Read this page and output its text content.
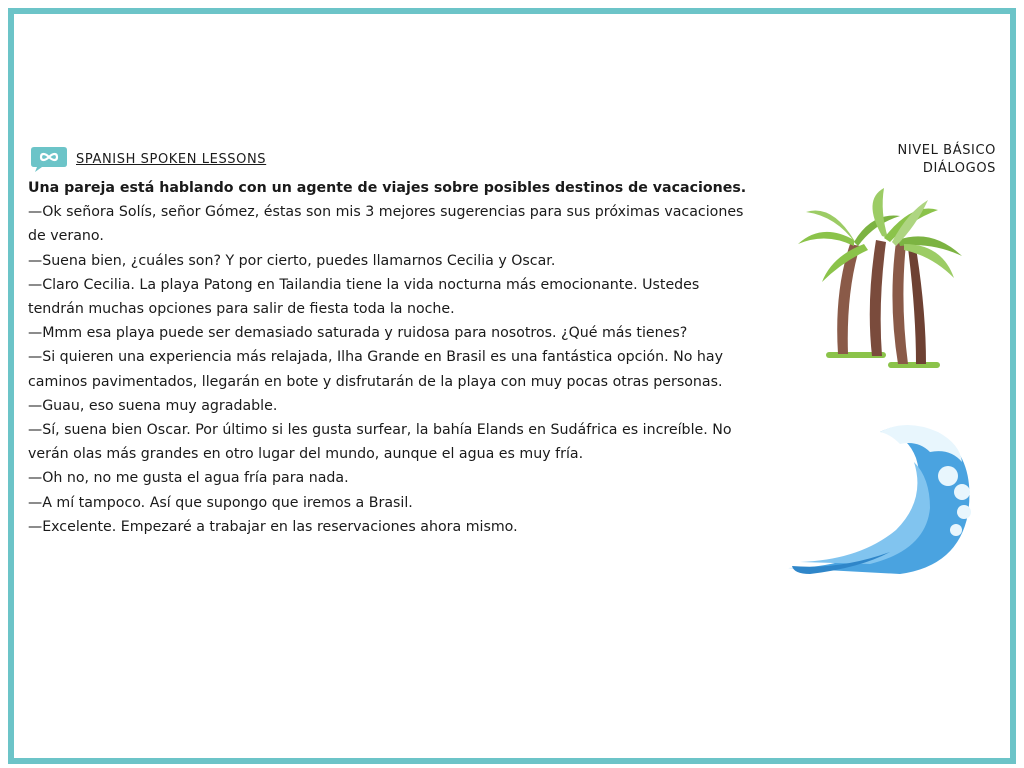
SPANISH SPOKEN LESSONS
NIVEL BÁSICO
DIÁLOGOS

Una pareja está hablando con un agente de viajes sobre posibles destinos de vacaciones.

—Ok señora Solís, señor Gómez, éstas son mis 3 mejores sugerencias para sus próximas vacaciones de verano.

—Suena bien, ¿cuáles son? Y por cierto, puedes llamarnos Cecilia y Oscar.

—Claro Cecilia. La playa Patong en Tailandia tiene la vida nocturna más emocionante. Ustedes tendrán muchas opciones para salir de fiesta toda la noche.

—Mmm esa playa puede ser demasiado saturada y ruidosa para nosotros. ¿Qué más tienes?

—Si quieren una experiencia más relajada, Ilha Grande en Brasil es una fantástica opción. No hay caminos pavimentados, llegarán en bote y disfrutarán de la playa con muy pocas otras personas.

—Guau, eso suena muy agradable.

—Sí, suena bien Oscar. Por último si les gusta surfear, la bahía Elands en Sudáfrica es increíble. No verán olas más grandes en otro lugar del mundo, aunque el agua es muy fría.

—Oh no, no me gusta el agua fría para nada.

—A mí tampoco. Así que supongo que iremos a Brasil.

—Excelente. Empezaré a trabajar en las reservaciones ahora mismo.
